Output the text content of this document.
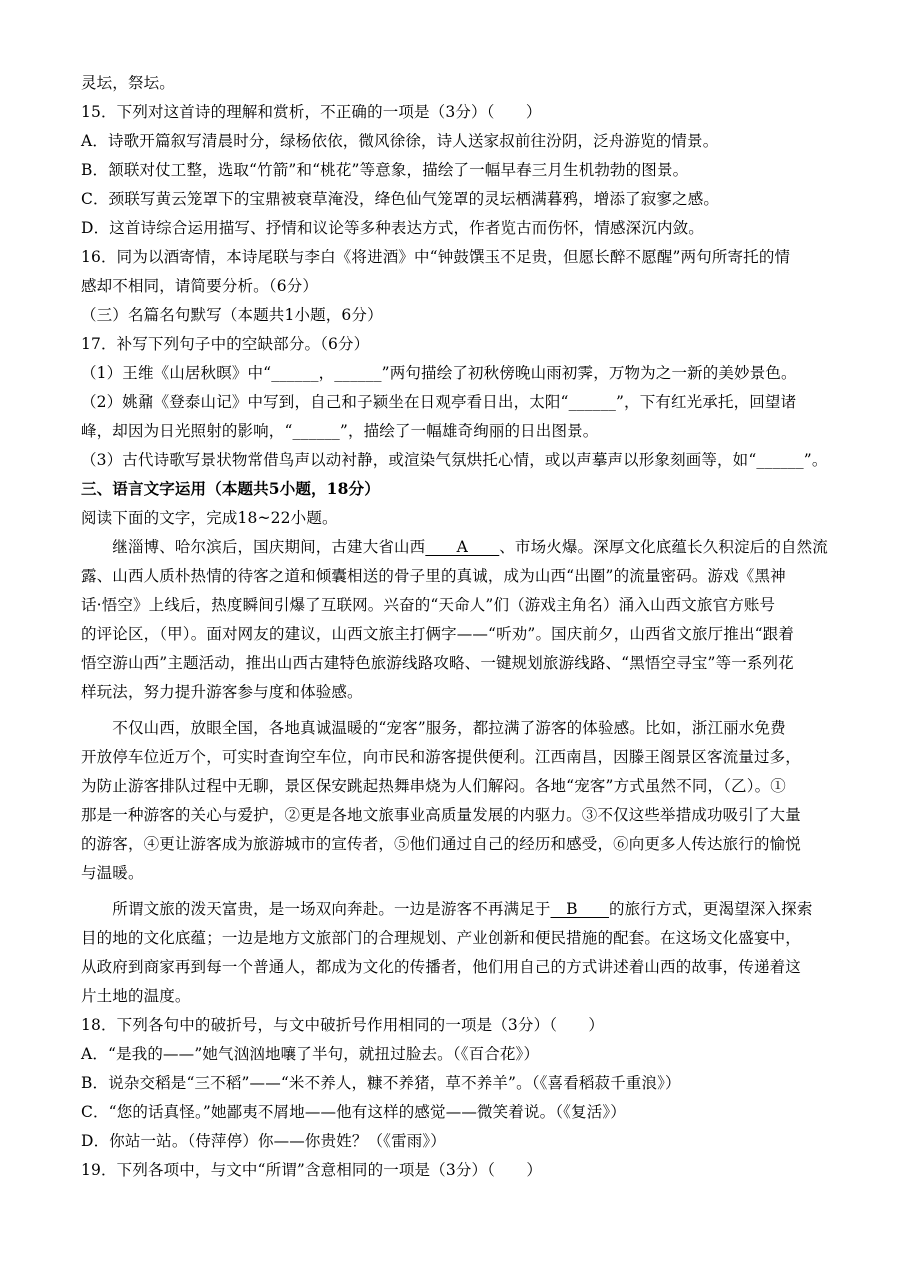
灵坛，祭坛。
15．下列对这首诗的理解和赏析，不正确的一项是（3分）（　　）
A．诗歌开篇叙写清晨时分，绿杨依依，微风徐徐，诗人送家叔前往汾阴，泛舟游览的情景。
B．颔联对仗工整，选取“竹箭”和“桃花”等意象，描绘了一幅早春三月生机勃勃的图景。
C．颈联写黄云笼罩下的宝鼎被衰草淹没，绛色仙气笼罩的灵坛栖满暮鸦，增添了寂寥之感。
D．这首诗综合运用描写、抒情和议论等多种表达方式，作者览古而伤怀，情感深沉内敛。
16．同为以酒寄情，本诗尾联与李白《将进酒》中“钟鼓馔玉不足贵，但愿长醉不愿醒”两句所寄托的情
感却不相同，请简要分析。（6分）
（三）名篇名句默写（本题共1小题，6分）
17．补写下列句子中的空缺部分。（6分）
（1）王维《山居秋暝》中“______，______”两句描绘了初秋傍晚山雨初霁，万物为之一新的美妙景色。
（2）姚鼐《登泰山记》中写到，自己和子颍坐在日观亭看日出，太阳“______”，下有红光承托，回望诸
峰，却因为日光照射的影响，“______”，描绘了一幅雄奇绚丽的日出图景。
（3）古代诗歌写景状物常借鸟声以动衬静，或渲染气氛烘托心情，或以声摹声以形象刻画等，如“______”。
三、语言文字运用（本题共5小题，18分）
阅读下面的文字，完成18~22小题。
　　继淄博、哈尔滨后，国庆期间，古建大省山西　　A　　、市场火爆。深厚文化底蕴长久积淀后的自然流
露、山西人质朴热情的待客之道和倾囊相送的骨子里的真诚，成为山西“出圈”的流量密码。游戏《黑神
话·悟空》上线后，热度瞬间引爆了互联网。兴奋的“天命人”们（游戏主角名）涌入山西文旅官方账号
的评论区，（甲）。面对网友的建议，山西文旅主打俩字——“听劝”。国庆前夕，山西省文旅厅推出“跟着
悟空游山西”主题活动，推出山西古建特色旅游线路攻略、一键规划旅游线路、“黑悟空寻宝”等一系列花
样玩法，努力提升游客参与度和体验感。
　　不仅山西，放眼全国，各地真诚温暖的“宠客”服务，都拉满了游客的体验感。比如，浙江丽水免费
开放停车位近万个，可实时查询空车位，向市民和游客提供便利。江西南昌，因滕王阁景区客流量过多，
为防止游客排队过程中无聊，景区保安跳起热舞串烧为人们解闷。各地“宠客”方式虽然不同，（乙）。①
那是一种游客的关心与爱护，②更是各地文旅事业高质量发展的内驱力。③不仅这些举措成功吸引了大量
的游客，④更让游客成为旅游城市的宣传者，⑤他们通过自己的经历和感受，⑥向更多人传达旅行的愉悦
与温暖。
　　所谓文旅的泼天富贵，是一场双向奔赴。一边是游客不再满足于　B　　的旅行方式，更渴望深入探索
目的地的文化底蕴；一边是地方文旅部门的合理规划、产业创新和便民措施的配套。在这场文化盛宴中，
从政府到商家再到每一个普通人，都成为文化的传播者，他们用自己的方式讲述着山西的故事，传递着这
片土地的温度。
18．下列各句中的破折号，与文中破折号作用相同的一项是（3分）（　　）
A．“是我的——”她气汹汹地嚷了半句，就扭过脸去。（《百合花》）
B．说杂交稻是“三不稻”——“米不养人，糠不养猪，草不养羊”。（《喜看稻菽千重浪》）
C．“您的话真怪。”她鄙夷不屑地——他有这样的感觉——微笑着说。（《复活》）
D．你站一站。（侍萍停）你——你贵姓？（《雷雨》）
19．下列各项中，与文中“所谓”含意相同的一项是（3分）（　　）
